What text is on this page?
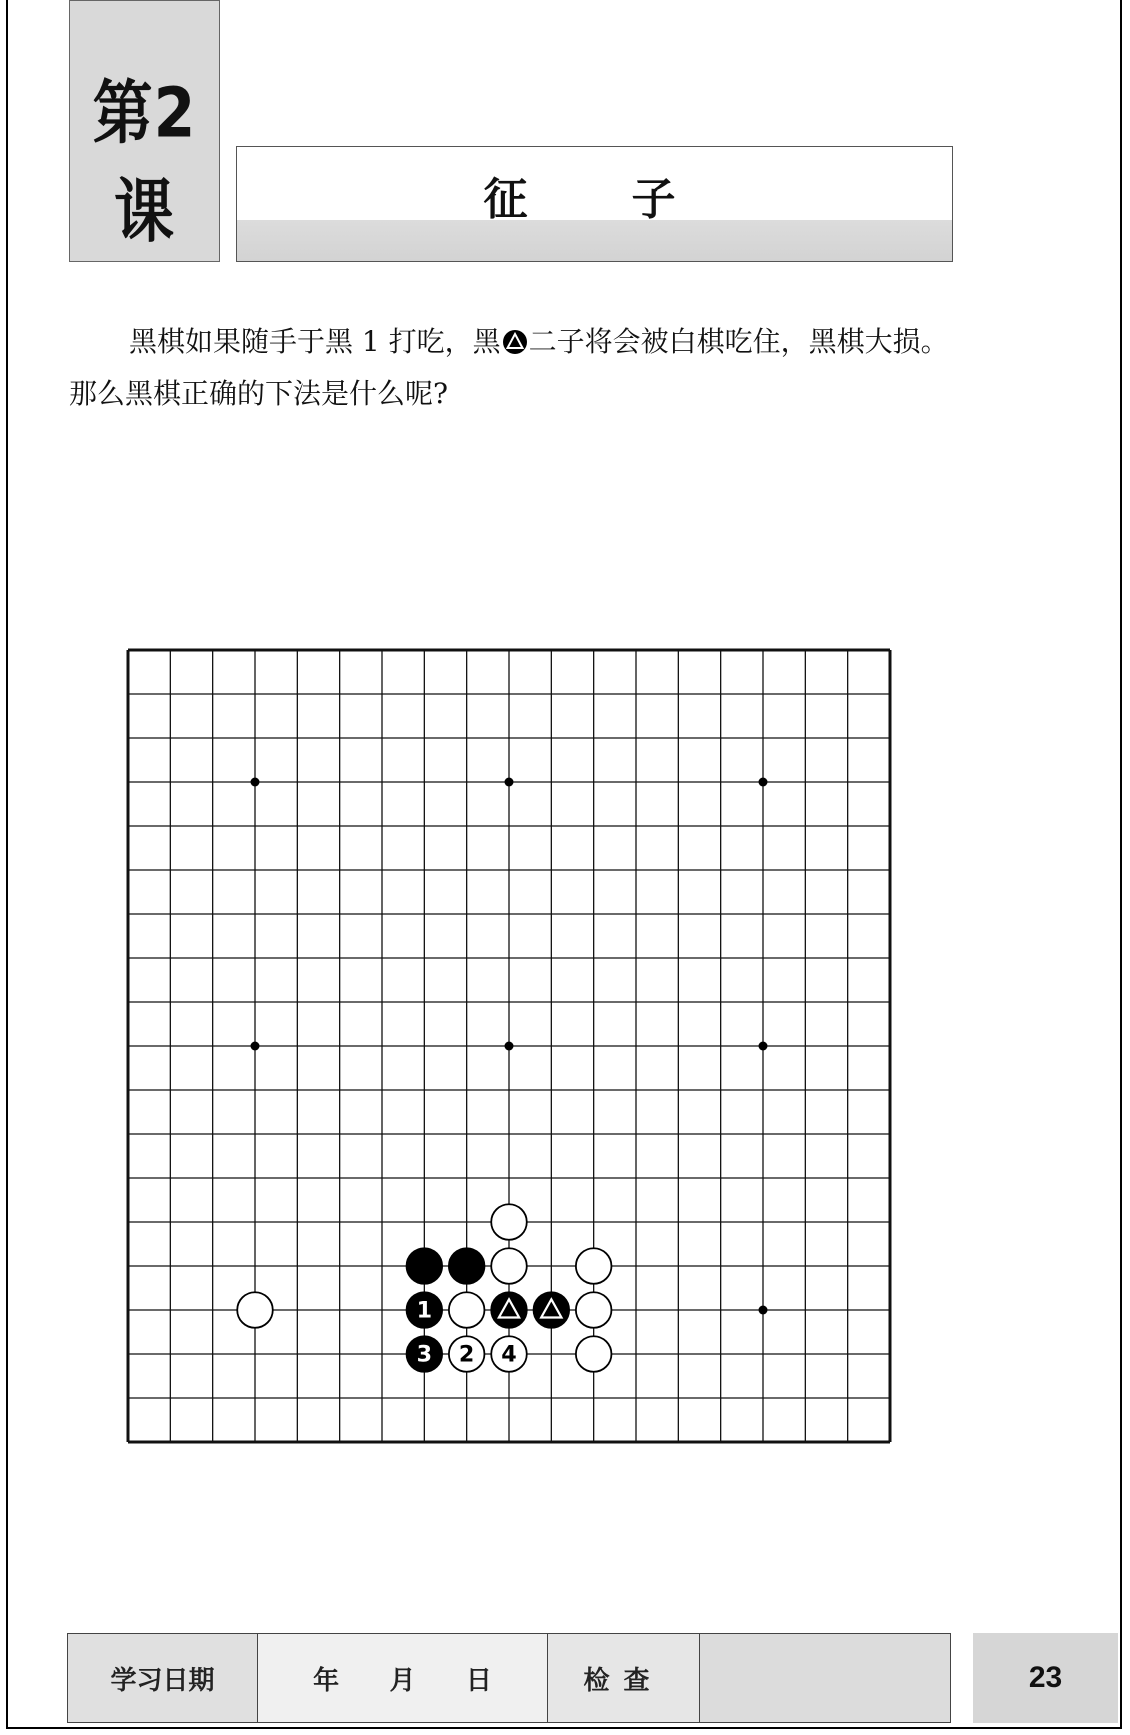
第2课	征　子
黑棋如果随手于黑 1 打吃，黑 二子将会被白棋吃住，黑棋大损。那么黑棋正确的下法是什么呢?
1
3 2 4
学习日期	年 月 日	检查	23
